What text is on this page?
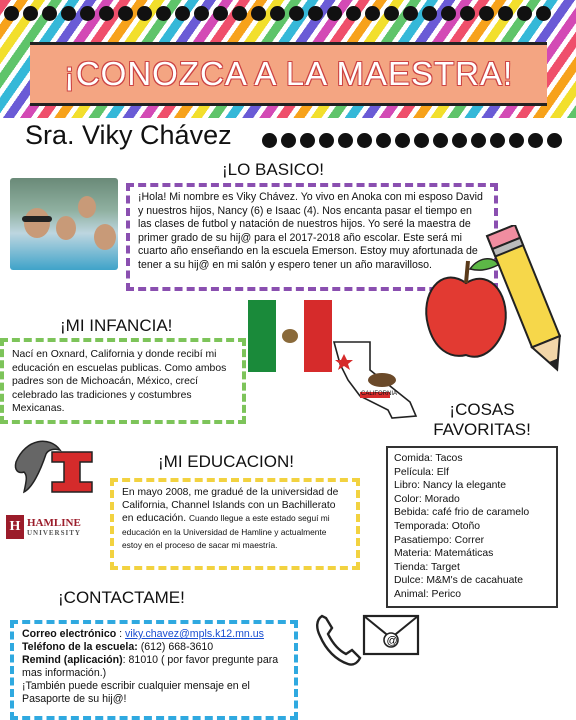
¡CONOZCA A LA MAESTRA!
Sra. Viky Chávez
¡LO BASICO!
¡Hola! Mi nombre es Viky Chávez. Yo vivo en Anoka con mi esposo David y nuestros hijos, Nancy (6) e Isaac (4). Nos encanta pasar el tiempo en las clases de futbol y natación de nuestros hijos. Yo seré la maestra de primer grado de su hij@ para el 2017-2018 año escolar. Este será mi cuarto año enseñando en la escuela Emerson. Estoy muy afortunada de tener a su hij@ en mi salón y espero tener un año maravilloso.
¡MI INFANCIA!
Nací en Oxnard, California y donde recibí mi educación en escuelas publicas. Como ambos padres son de Michoacán, México, crecí celebrado las tradiciones y costumbres Mexicanas.
CALIFORNIA
¡COSAS
FAVORITAS!
Comida: Tacos
Película: Elf
Libro: Nancy la elegante
Color: Morado
Bebida: café frio de caramelo
Temporada: Otoño
Pasatiempo: Correr
Materia: Matemáticas
Tienda: Target
Dulce: M&M's de cacahuate
Animal: Perico
H HAMLINE
UNIVERSITY
¡MI EDUCACION!
En mayo 2008, me gradué de la universidad de California, Channel Islands con un Bachillerato en educación. Cuando llegue a este estado seguí mi educación en la Universidad de Hamline y actualmente estoy en el proceso de sacar mi maestría.
¡CONTACTAME!
Correo electrónico : viky.chavez@mpls.k12.mn.us
Teléfono de la escuela: (612) 668-3610
Remind (aplicación): 81010 ( por favor pregunte para mas información.)
¡También puede escribir cualquier mensaje en el Pasaporte de su hij@!
@
